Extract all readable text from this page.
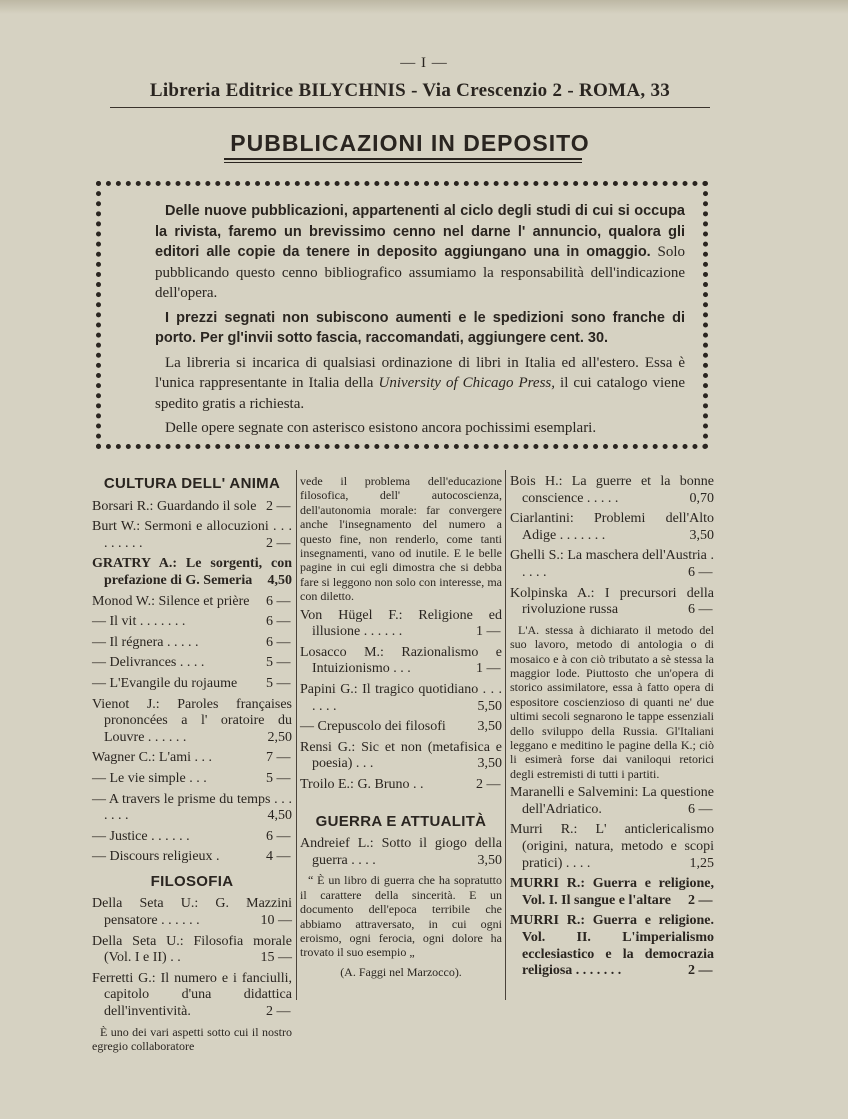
— I —
Libreria Editrice BILYCHNIS - Via Crescenzio 2 - ROMA, 33
PUBBLICAZIONI IN DEPOSITO

Delle nuove pubblicazioni, appartenenti al ciclo degli studi di cui si occupa la rivista, faremo un brevissimo cenno nel darne l' annuncio, qualora gli editori alle copie da tenere in deposito aggiungano una in omaggio. Solo pubblicando questo cenno bibliografico assumiamo la responsabilità dell'indicazione dell'opera.

I prezzi segnati non subiscono aumenti e le spedizioni sono franche di porto. Per gl'invii sotto fascia, raccomandati, aggiungere cent. 30.

La libreria si incarica di qualsiasi ordinazione di libri in Italia ed all'estero. Essa è l'unica rappresentante in Italia della University of Chicago Press, il cui catalogo viene spedito gratis a richiesta.

Delle opere segnate con asterisco esistono ancora pochissimi esemplari.

CULTURA DELL' ANIMA
Borsari R.: Guardando il sole 2 —
Burt W.: Sermoni e allocuzioni . . . . . . . . .	2 —
GRATRY A.: Le sorgenti, con prefazione di G. Semeria 4,50
Monod W.: Silence et prière 6 —
— Il vit . . . . . . .	6 —
— Il régnera . . . . .	6 —
— Delivrances . . . .	5 —
— L'Evangile du rojaume 5 —
Vienot J.: Paroles françaises prononcées a l' oratoire du Louvre . . . . . .	2,50
Wagner C.: L'ami . . .	7 —
— Le vie simple . . .	5 —
— A travers le prisme du temps . . . . . . .	4,50
— Justice . . . . . .	6 —
— Discours religieux .	4 —
FILOSOFIA
Della Seta U.: G. Mazzini pensatore . . . . . .	10 —
Della Seta U.: Filosofia morale (Vol. I e II) . .	15 —
Ferretti G.: Il numero e i fanciulli, capitolo d'una didattica dell'inventività.	2 —
È uno dei vari aspetti sotto cui il nostro egregio collaboratore
vede il problema dell'educazione filosofica, dell' autocoscienza, dell'autonomia morale: far convergere anche l'insegnamento del numero a questo fine, non renderlo, come tanti insegnamenti, vano od inutile. E le belle pagine in cui egli dimostra che si debba fare si leggono non solo con interesse, ma con diletto.
Von Hügel F.: Religione ed illusione . . . . . .	1 —
Losacco M.: Razionalismo e Intuizionismo . . .	1 —
Papini G.: Il tragico quotidiano . . . . . . .	5,50
— Crepuscolo dei filosofi 3,50
Rensi G.: Sic et non (metafisica e poesia) . . .	3,50
Troilo E.: G. Bruno . .	2 —
GUERRA E ATTUALITÀ
Andreief L.: Sotto il giogo della guerra . . . .	3,50
“ È un libro di guerra che ha sopratutto il carattere della sincerità. E un documento dell'epoca terribile che abbiamo attraversato, in cui ogni eroismo, ogni ferocia, ogni dolore ha trovato il suo esempio „
(A. Faggi nel Marzocco).
Bois H.: La guerre et la bonne conscience . . . . .	0,70
Ciarlantini: Problemi dell'Alto Adige . . . . . . .	3,50
Ghelli S.: La maschera dell'Austria . . . . .	6 —
Kolpinska A.: I precursori della rivoluzione russa	6 —
L'A. stessa à dichiarato il metodo del suo lavoro, metodo di antologia o di mosaico e à con ciò tributato a sè stessa la maggior lode. Piuttosto che un'opera di storico assimilatore, essa à fatto opera di espositore coscienzioso di quanti ne' due ultimi secoli segnarono le tappe essenziali dello sviluppo della Russia. Gl'Italiani leggano e meditino le pagine della K.; ciò li esimerà forse dai vaniloqui retorici degli estremisti di tutti i partiti.
Maranelli e Salvemini: La questione dell'Adriatico.	6 —
Murri R.: L' anticlericalismo (origini, natura, metodo e scopi pratici) . . . .	1,25
MURRI R.: Guerra e religione, Vol. I. Il sangue e l'altare 2 —
MURRI R.: Guerra e religione. Vol. II. L'imperialismo ecclesiastico e la democrazia religiosa . . . . . . .	2 —
